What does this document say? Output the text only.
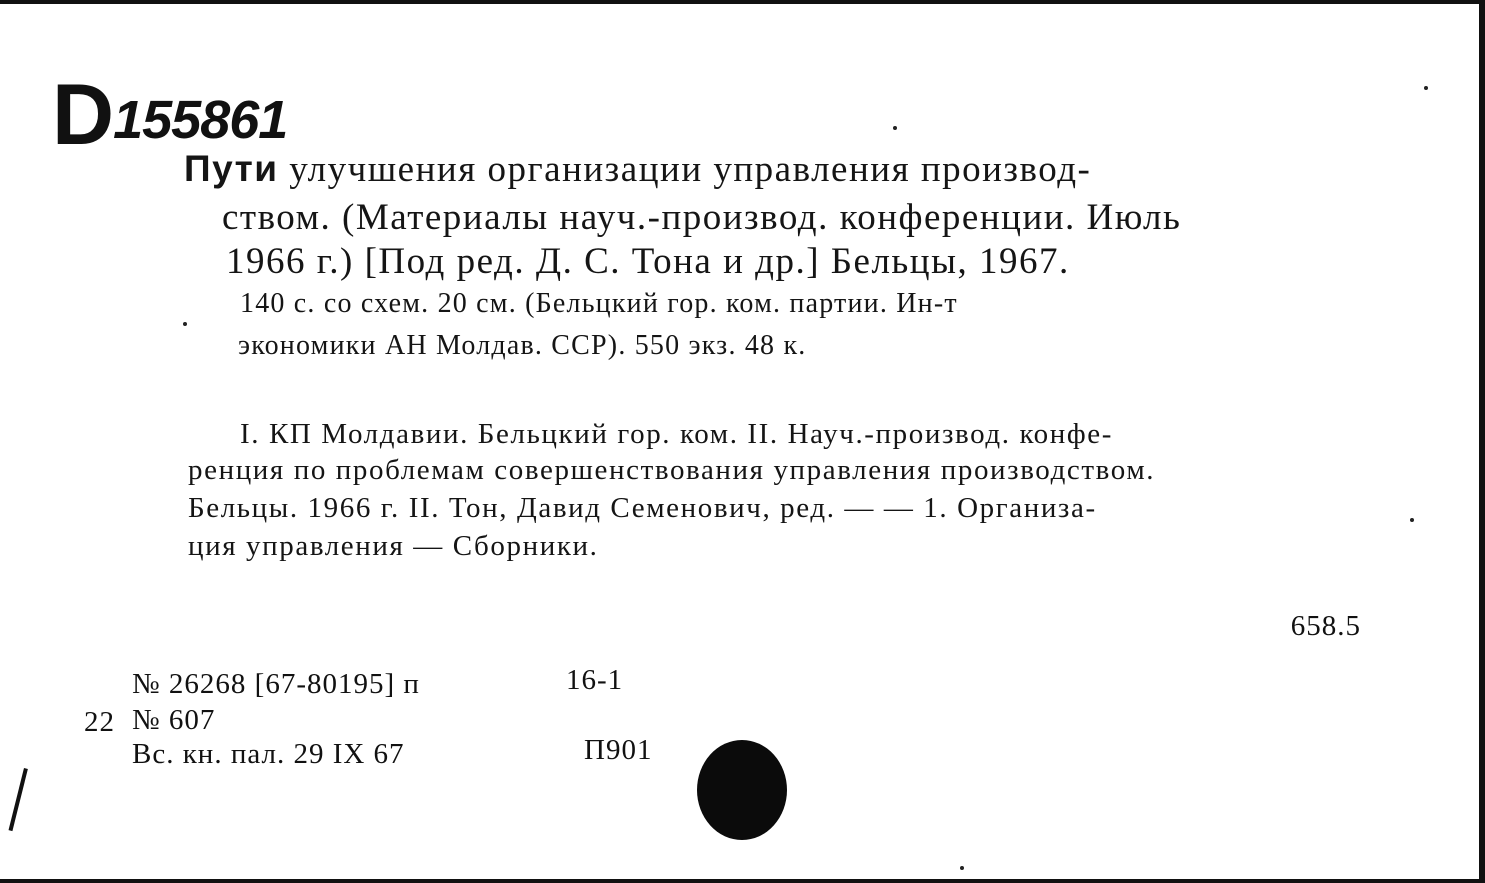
D155861
Пути улучшения организации управления производ-
ством. (Материалы науч.-производ. конференции. Июль
1966 г.) [Под ред. Д. С. Тона и др.] Бельцы, 1967.
140 с. со схем. 20 см. (Бельцкий гор. ком. партии. Ин-т
экономики АН Молдав. ССР). 550 экз. 48 к.
I. КП Молдавии. Бельцкий гор. ком. II. Науч.-производ. конфе-
ренция по проблемам совершенствования управления производством.
Бельцы. 1966 г. II. Тон, Давид Семенович, ред. — — 1. Организа-
ция управления — Сборники.
658.5
№ 26268 [67-80195] п	16-1
22 № 607
Вс. кн. пал. 29 IX 67	П901
